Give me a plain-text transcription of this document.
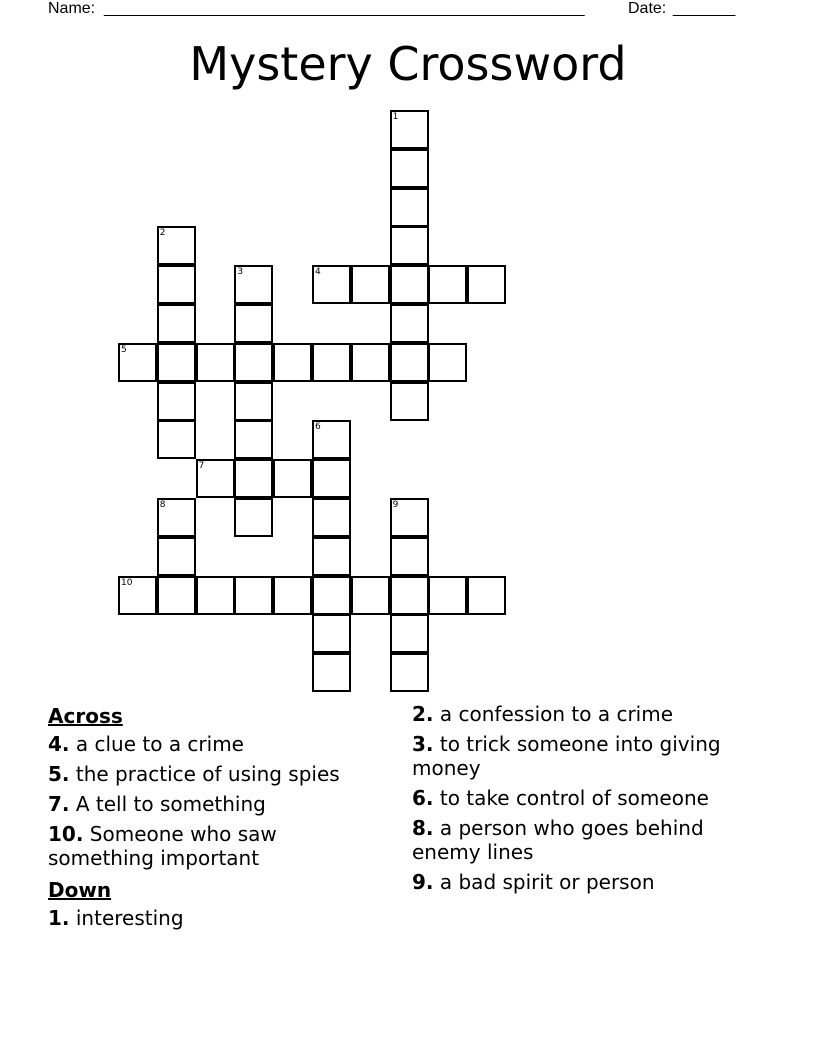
Name: ______________________________________________________	Date: _______
Mystery Crossword
1
2
3	4
5
6
7
8	9
10
Across
4. a clue to a crime
5. the practice of using spies
7. A tell to something
10. Someone who saw something important
Down
1. interesting
2. a confession to a crime
3. to trick someone into giving money
6. to take control of someone
8. a person who goes behind enemy lines
9. a bad spirit or person
